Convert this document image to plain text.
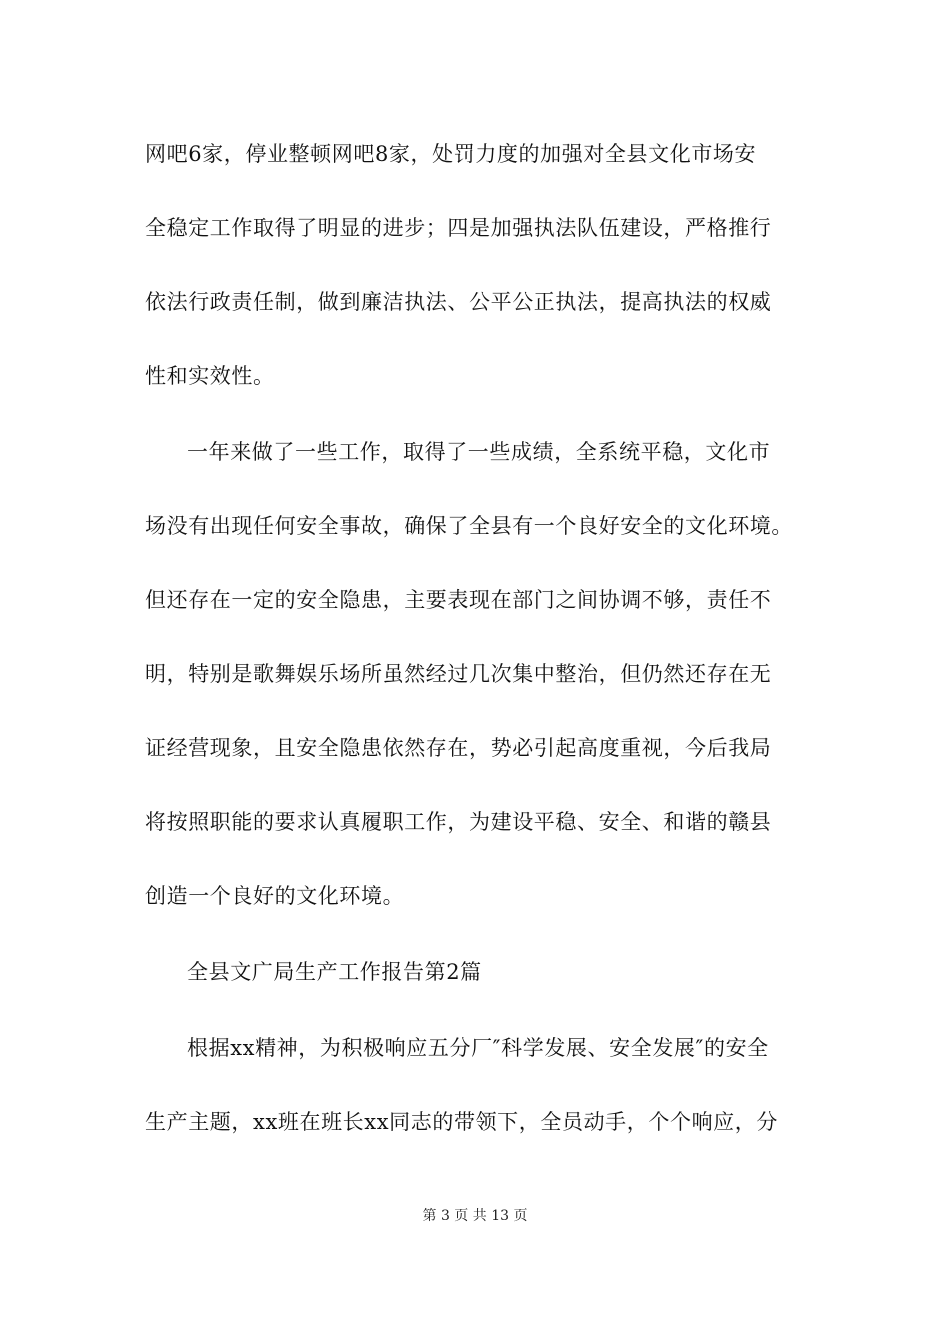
网吧6家，停业整顿网吧8家，处罚力度的加强对全县文化市场安
全稳定工作取得了明显的进步；四是加强执法队伍建设，严格推行
依法行政责任制，做到廉洁执法、公平公正执法，提高执法的权威
性和实效性。
一年来做了一些工作，取得了一些成绩，全系统平稳，文化市
场没有出现任何安全事故，确保了全县有一个良好安全的文化环境。
但还存在一定的安全隐患，主要表现在部门之间协调不够，责任不
明，特别是歌舞娱乐场所虽然经过几次集中整治，但仍然还存在无
证经营现象，且安全隐患依然存在，势必引起高度重视，今后我局
将按照职能的要求认真履职工作，为建设平稳、安全、和谐的赣县
创造一个良好的文化环境。
全县文广局生产工作报告第2篇
根据xx精神，为积极响应五分厂″科学发展、安全发展″的安全
生产主题，xx班在班长xx同志的带领下，全员动手，个个响应，分
第 3 页 共 13 页
